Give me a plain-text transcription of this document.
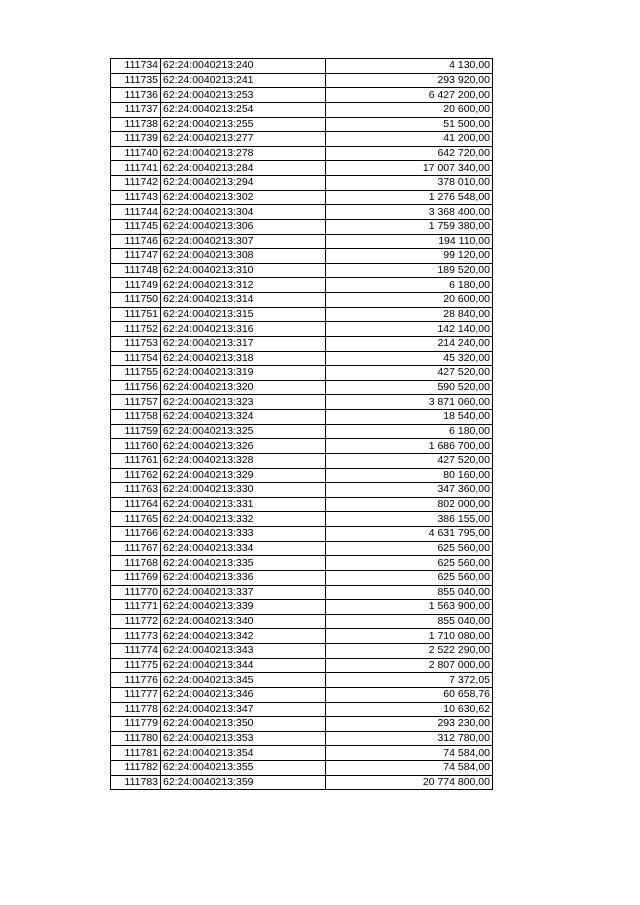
111734	62:24:0040213:240	4 130,00
111735	62:24:0040213:241	293 920,00
111736	62:24:0040213:253	6 427 200,00
111737	62:24:0040213:254	20 600,00
111738	62:24:0040213:255	51 500,00
111739	62:24:0040213:277	41 200,00
111740	62:24:0040213:278	642 720,00
111741	62:24:0040213:284	17 007 340,00
111742	62:24:0040213:294	378 010,00
111743	62:24:0040213:302	1 276 548,00
111744	62:24:0040213:304	3 368 400,00
111745	62:24:0040213:306	1 759 380,00
111746	62:24:0040213:307	194 110,00
111747	62:24:0040213:308	99 120,00
111748	62:24:0040213:310	189 520,00
111749	62:24:0040213:312	6 180,00
111750	62:24:0040213:314	20 600,00
111751	62:24:0040213:315	28 840,00
111752	62:24:0040213:316	142 140,00
111753	62:24:0040213:317	214 240,00
111754	62:24:0040213:318	45 320,00
111755	62:24:0040213:319	427 520,00
111756	62:24:0040213:320	590 520,00
111757	62:24:0040213:323	3 871 060,00
111758	62:24:0040213:324	18 540,00
111759	62:24:0040213:325	6 180,00
111760	62:24:0040213:326	1 686 700,00
111761	62:24:0040213:328	427 520,00
111762	62:24:0040213:329	80 160,00
111763	62:24:0040213:330	347 360,00
111764	62:24:0040213:331	802 000,00
111765	62:24:0040213:332	386 155,00
111766	62:24:0040213:333	4 631 795,00
111767	62:24:0040213:334	625 560,00
111768	62:24:0040213:335	625 560,00
111769	62:24:0040213:336	625 560,00
111770	62:24:0040213:337	855 040,00
111771	62:24:0040213:339	1 563 900,00
111772	62:24:0040213:340	855 040,00
111773	62:24:0040213:342	1 710 080,00
111774	62:24:0040213:343	2 522 290,00
111775	62:24:0040213:344	2 807 000,00
111776	62:24:0040213:345	7 372,05
111777	62:24:0040213:346	60 658,76
111778	62:24:0040213:347	10 630,62
111779	62:24:0040213:350	293 230,00
111780	62:24:0040213:353	312 780,00
111781	62:24:0040213:354	74 584,00
111782	62:24:0040213:355	74 584,00
111783	62:24:0040213:359	20 774 800,00
